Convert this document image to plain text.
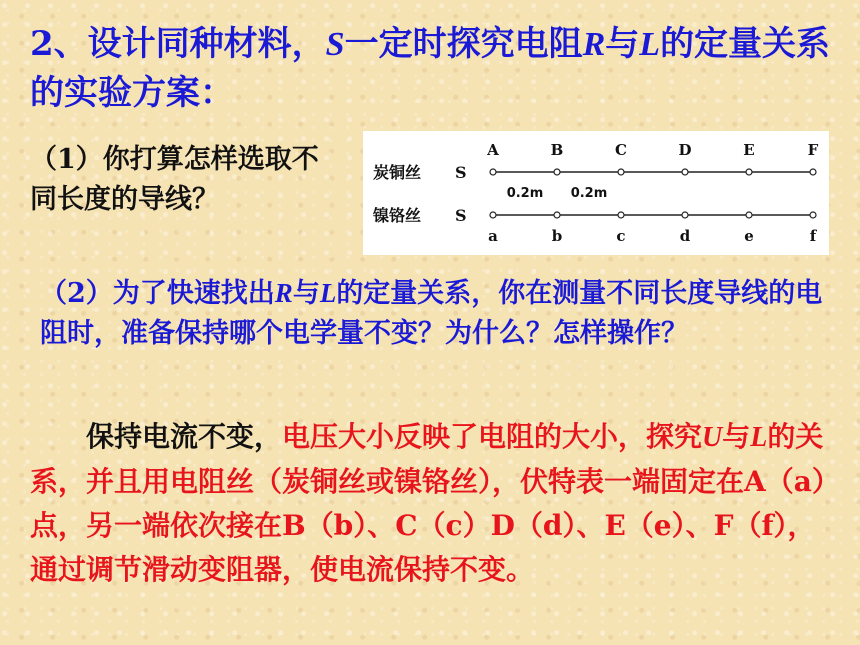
2、设计同种材料，S一定时探究电阻R与L的定量关系的实验方案：
（1）你打算怎样选取不同长度的导线？
炭铜丝 S
A	B	C	D	E	F
镍铬丝 S
a	b	c	d	e	f
0.2m 0.2m
（2）为了快速找出R与L的定量关系，你在测量不同长度导线的电阻时，准备保持哪个电学量不变？为什么？怎样操作？
保持电流不变，电压大小反映了电阻的大小，探究U与L的关系，并且用电阻丝（炭铜丝或镍铬丝），伏特表一端固定在A（a）点，另一端依次接在B（b）、C（c）D（d）、E（e）、F（f），通过调节滑动变阻器，使电流保持不变。
